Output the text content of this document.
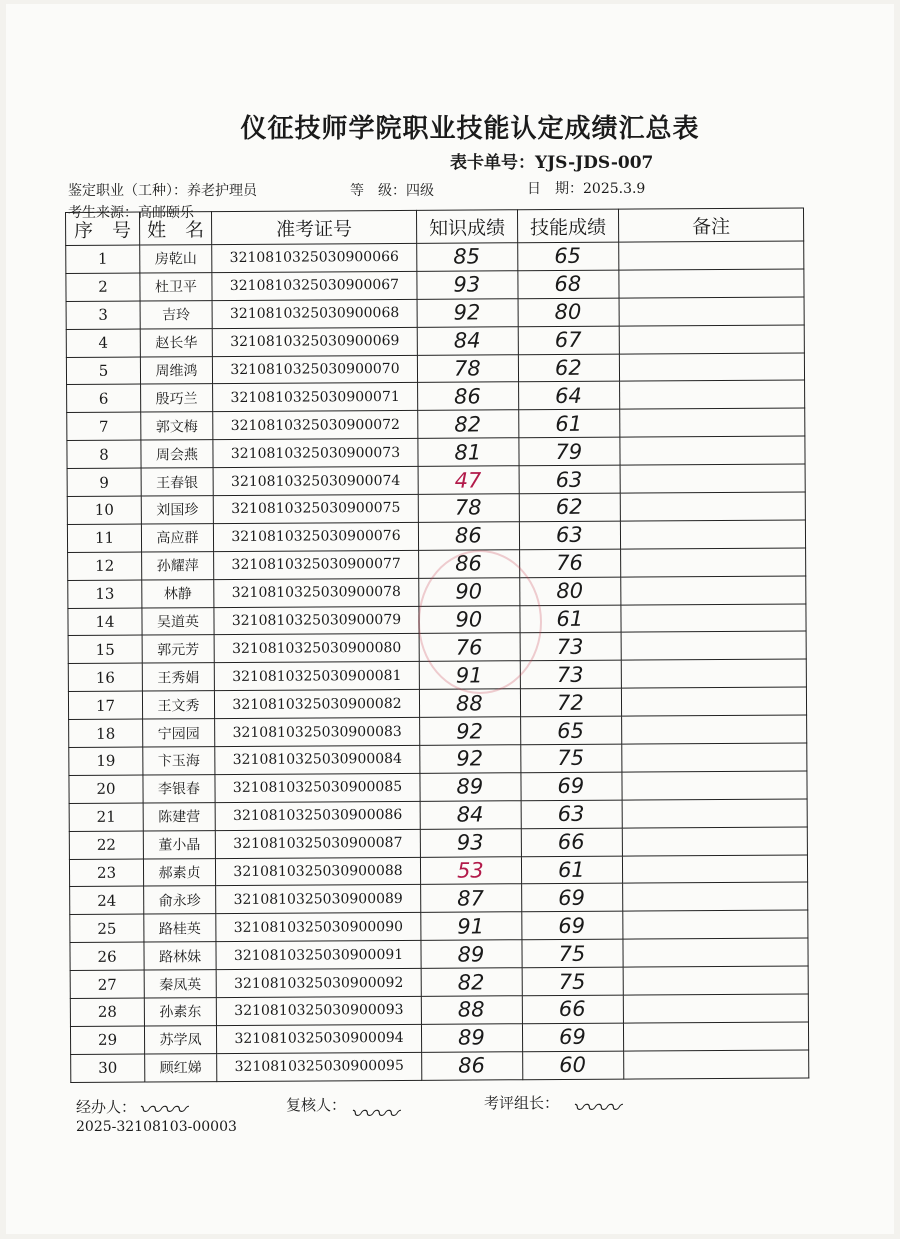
仪征技师学院职业技能认定成绩汇总表
表卡单号：YJS-JDS-007
鉴定职业（工种）：养老护理员	等　级：四级	日　期：2025.3.9
考生来源：高邮颐乐
序　号	姓　名	准考证号	知识成绩	技能成绩	备注
1	房乾山	3210810325030900066	85	65	
2	杜卫平	3210810325030900067	93	68	
3	吉玲	3210810325030900068	92	80	
4	赵长华	3210810325030900069	84	67	
5	周维鸿	3210810325030900070	78	62	
6	殷巧兰	3210810325030900071	86	64	
7	郭文梅	3210810325030900072	82	61	
8	周会燕	3210810325030900073	81	79	
9	王春银	3210810325030900074	47	63	
10	刘国珍	3210810325030900075	78	62	
11	高应群	3210810325030900076	86	63	
12	孙耀萍	3210810325030900077	86	76	
13	林静	3210810325030900078	90	80	
14	吴道英	3210810325030900079	90	61	
15	郭元芳	3210810325030900080	76	73	
16	王秀娟	3210810325030900081	91	73	
17	王文秀	3210810325030900082	88	72	
18	宁园园	3210810325030900083	92	65	
19	卞玉海	3210810325030900084	92	75	
20	李银春	3210810325030900085	89	69	
21	陈建营	3210810325030900086	84	63	
22	董小晶	3210810325030900087	93	66	
23	郝素贞	3210810325030900088	53	61	
24	俞永珍	3210810325030900089	87	69	
25	路桂英	3210810325030900090	91	69	
26	路林妹	3210810325030900091	89	75	
27	秦凤英	3210810325030900092	82	75	
28	孙素东	3210810325030900093	88	66	
29	苏学凤	3210810325030900094	89	69	
30	顾红娣	3210810325030900095	86	60	
经办人： 〰〰	复核人： 〰〰	考评组长： 〰〰
2025-32108103-00003
